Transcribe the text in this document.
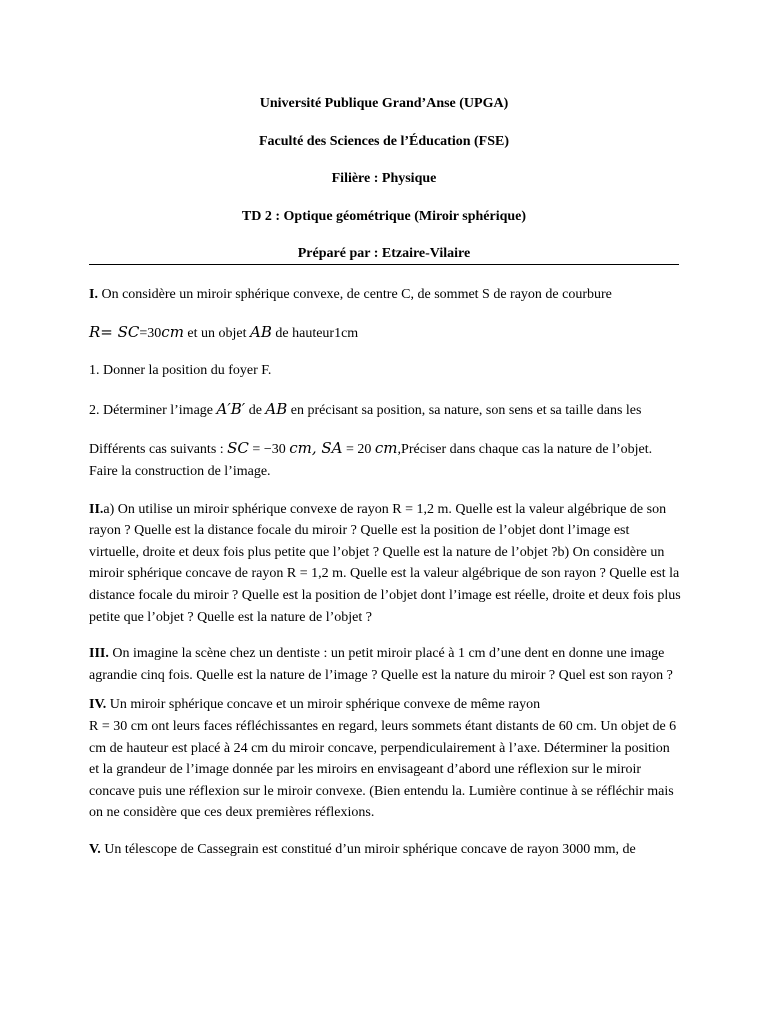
Université Publique Grand’Anse (UPGA)
Faculté des Sciences de l’Éducation (FSE)
Filière : Physique
TD 2 : Optique géométrique (Miroir sphérique)
Préparé par : Etzaire-Vilaire

I. On considère un miroir sphérique convexe, de centre C, de sommet S de rayon de courbure

R= SC=30cm et un objet AB de hauteur1cm

1. Donner la position du foyer F.

2. Déterminer l’image A′B′ de AB en précisant sa position, sa nature, son sens et sa taille dans les

Différents cas suivants : SC = −30 cm, SA = 20 cm,Préciser dans chaque cas la nature de l’objet. Faire la construction de l’image.

II.a) On utilise un miroir sphérique convexe de rayon R = 1,2 m. Quelle est la valeur algébrique de son rayon ? Quelle est la distance focale du miroir ? Quelle est la position de l’objet dont l’image est virtuelle, droite et deux fois plus petite que l’objet ? Quelle est la nature de l’objet ?b) On considère un miroir sphérique concave de rayon R = 1,2 m. Quelle est la valeur algébrique de son rayon ? Quelle est la distance focale du miroir ? Quelle est la position de l’objet dont l’image est réelle, droite et deux fois plus petite que l’objet ? Quelle est la nature de l’objet ?

III. On imagine la scène chez un dentiste : un petit miroir placé à 1 cm d’une dent en donne une image agrandie cinq fois. Quelle est la nature de l’image ? Quelle est la nature du miroir ? Quel est son rayon ?

IV. Un miroir sphérique concave et un miroir sphérique convexe de même rayon
R = 30 cm ont leurs faces réfléchissantes en regard, leurs sommets étant distants de 60 cm. Un objet de 6 cm de hauteur est placé à 24 cm du miroir concave, perpendiculairement à l’axe. Déterminer la position et la grandeur de l’image donnée par les miroirs en envisageant d’abord une réflexion sur le miroir concave puis une réflexion sur le miroir convexe. (Bien entendu la. Lumière continue à se réfléchir mais on ne considère que ces deux premières réflexions.

V. Un télescope de Cassegrain est constitué d’un miroir sphérique concave de rayon 3000 mm, de
